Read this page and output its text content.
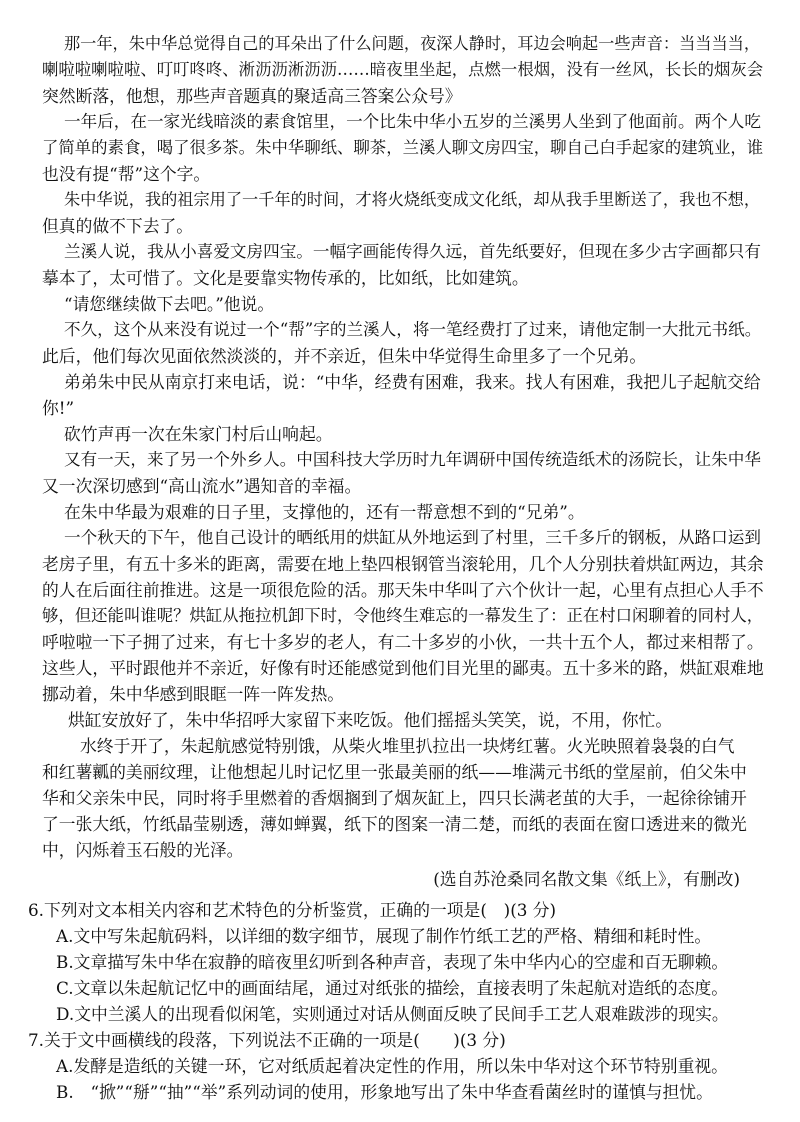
那一年，朱中华总觉得自己的耳朵出了什么问题，夜深人静时，耳边会响起一些声音：当当当当，
喇啦啦喇啦啦、叮叮咚咚、淅沥沥淅沥沥……暗夜里坐起，点燃一根烟，没有一丝风，长长的烟灰会
突然断落，他想，那些声音题真的聚适高三答案公众号》
一年后，在一家光线暗淡的素食馆里，一个比朱中华小五岁的兰溪男人坐到了他面前。两个人吃
了简单的素食，喝了很多茶。朱中华聊纸、聊茶，兰溪人聊文房四宝，聊自己白手起家的建筑业，谁
也没有提“帮”这个字。
朱中华说，我的祖宗用了一千年的时间，才将火烧纸变成文化纸，却从我手里断送了，我也不想，
但真的做不下去了。
兰溪人说，我从小喜爱文房四宝。一幅字画能传得久远，首先纸要好，但现在多少古字画都只有
摹本了，太可惜了。文化是要靠实物传承的，比如纸，比如建筑。
“请您继续做下去吧。”他说。
不久，这个从来没有说过一个“帮”字的兰溪人，将一笔经费打了过来，请他定制一大批元书纸。
此后，他们每次见面依然淡淡的，并不亲近，但朱中华觉得生命里多了一个兄弟。
弟弟朱中民从南京打来电话，说：“中华，经费有困难，我来。找人有困难，我把儿子起航交给
你!”
砍竹声再一次在朱家门村后山响起。
又有一天，来了另一个外乡人。中国科技大学历时九年调研中国传统造纸术的汤院长，让朱中华
又一次深切感到“高山流水”遇知音的幸福。
在朱中华最为艰难的日子里，支撑他的，还有一帮意想不到的“兄弟”。
一个秋天的下午，他自己设计的晒纸用的烘缸从外地运到了村里，三千多斤的钢板，从路口运到
老房子里，有五十多米的距离，需要在地上垫四根钢管当滚轮用，几个人分别扶着烘缸两边，其余
的人在后面往前推进。这是一项很危险的活。那天朱中华叫了六个伙计一起，心里有点担心人手不
够，但还能叫谁呢？烘缸从拖拉机卸下时，令他终生难忘的一幕发生了：正在村口闲聊着的同村人，
呼啦啦一下子拥了过来，有七十多岁的老人，有二十多岁的小伙，一共十五个人，都过来相帮了。
这些人，平时跟他并不亲近，好像有时还能感觉到他们目光里的鄙夷。五十多米的路，烘缸艰难地
挪动着，朱中华感到眼眶一阵一阵发热。
烘缸安放好了，朱中华招呼大家留下来吃饭。他们摇摇头笑笑，说，不用，你忙。
水终于开了，朱起航感觉特别饿，从柴火堆里扒拉出一块烤红薯。火光映照着袅袅的白气
和红薯瓤的美丽纹理，让他想起儿时记忆里一张最美丽的纸——堆满元书纸的堂屋前，伯父朱中
华和父亲朱中民，同时将手里燃着的香烟搁到了烟灰缸上，四只长满老茧的大手，一起徐徐铺开
了一张大纸，竹纸晶莹剔透，薄如蝉翼，纸下的图案一清二楚，而纸的表面在窗口透进来的微光
中，闪烁着玉石般的光泽。
(选自苏沧桑同名散文集《纸上》，有删改)
6.下列对文本相关内容和艺术特色的分析鉴赏，正确的一项是(　)(3 分)
A.文中写朱起航码料，以详细的数字细节，展现了制作竹纸工艺的严格、精细和耗时性。
B.文章描写朱中华在寂静的暗夜里幻听到各种声音，表现了朱中华内心的空虚和百无聊赖。
C.文章以朱起航记忆中的画面结尾，通过对纸张的描绘，直接表明了朱起航对造纸的态度。
D.文中兰溪人的出现看似闲笔，实则通过对话从侧面反映了民间手工艺人艰难跋涉的现实。
7.关于文中画横线的段落，下列说法不正确的一项是(　　)(3 分)
A.发酵是造纸的关键一环，它对纸质起着决定性的作用，所以朱中华对这个环节特别重视。
B.　“掀”“掰”“抽”“举”系列动词的使用，形象地写出了朱中华查看菌丝时的谨慎与担忧。
